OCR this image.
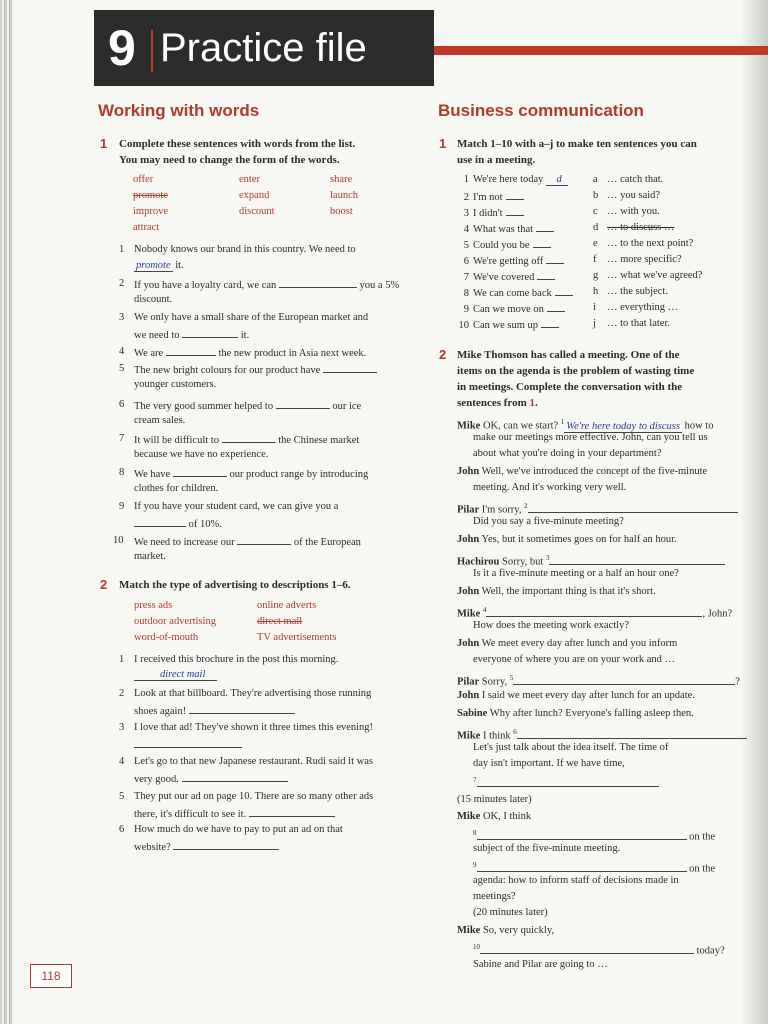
9 Practice file
Working with words
1 Complete these sentences with words from the list.
You may need to change the form of the words.
offer	enter	share
promote	expand	launch
improve	discount	boost
attract
1 Nobody knows our brand in this country. We need to
promote it.
2 If you have a loyalty card, we can	you a 5%
discount.
3 We only have a small share of the European market and
we need to	it.
4 We are	the new product in Asia next week.
5 The new bright colours for our product have
younger customers.
6 The very good summer helped to	our ice
cream sales.
7 It will be difficult to	the Chinese market
because we have no experience.
8 We have	our product range by introducing
clothes for children.
9 If you have your student card, we can give you a
of 10%.
10 We need to increase our	of the European
market.
2 Match the type of advertising to descriptions 1–6.
press ads	online adverts
outdoor advertising	direct mail
word-of-mouth	TV advertisements
1 I received this brochure in the post this morning.
direct mail
2 Look at that billboard. They're advertising those running
shoes again!
3 I love that ad! They've shown it three times this evening!
4 Let's go to that new Japanese restaurant. Rudi said it was
very good.
5 They put our ad on page 10. There are so many other ads
there, it's difficult to see it.
6 How much do we have to pay to put an ad on that
website?
Business communication
1 Match 1–10 with a–j to make ten sentences you can
use in a meeting.
2 Mike Thomson has called a meeting. One of the
items on the agenda is the problem of wasting time
in meetings. Complete the conversation with the
sentences from 1.
Mike OK, can we start? $^1$ We're here today to discuss how to
make our meetings more effective. John, can you tell us
about what you're doing in your department?
John Well, we've introduced the concept of the five-minute
meeting. And it's working very well.
Pilar I'm sorry, $^2$
Did you say a five-minute meeting?
John Yes, but it sometimes goes on for half an hour.
Hachirou Sorry, but $^3$
Is it a five-minute meeting or a half an hour one?
John Well, the important thing is that it's short.
Mike $^4$	, John?
How does the meeting work exactly?
John We meet every day after lunch and you inform
everyone of where you are on your work and …
Pilar Sorry, $^5$	?
John I said we meet every day after lunch for an update.
Sabine Why after lunch? Everyone's falling asleep then.
Mike I think $^6$
Let's just talk about the idea itself. The time of
day isn't important. If we have time,
$^7$
(15 minutes later)
Mike OK, I think
$^8$	on the
subject of the five-minute meeting.
$^9$	on the
agenda: how to inform staff of decisions made in
meetings?
(20 minutes later)
Mike So, very quickly,
$^{10}$	today?
Sabine and Pilar are going to …
118
1 We're here today d	a … catch that.
2 I'm not	b … you said?
3 I didn't	c … with you.
4 What was that	d … to discuss …
5 Could you be	e … to the next point?
6 We're getting off	f … more specific?
7 We've covered	g … what we've agreed?
8 We can come back	h … the subject.
9 Can we move on	i … everything …
10 Can we sum up	j … to that later.
